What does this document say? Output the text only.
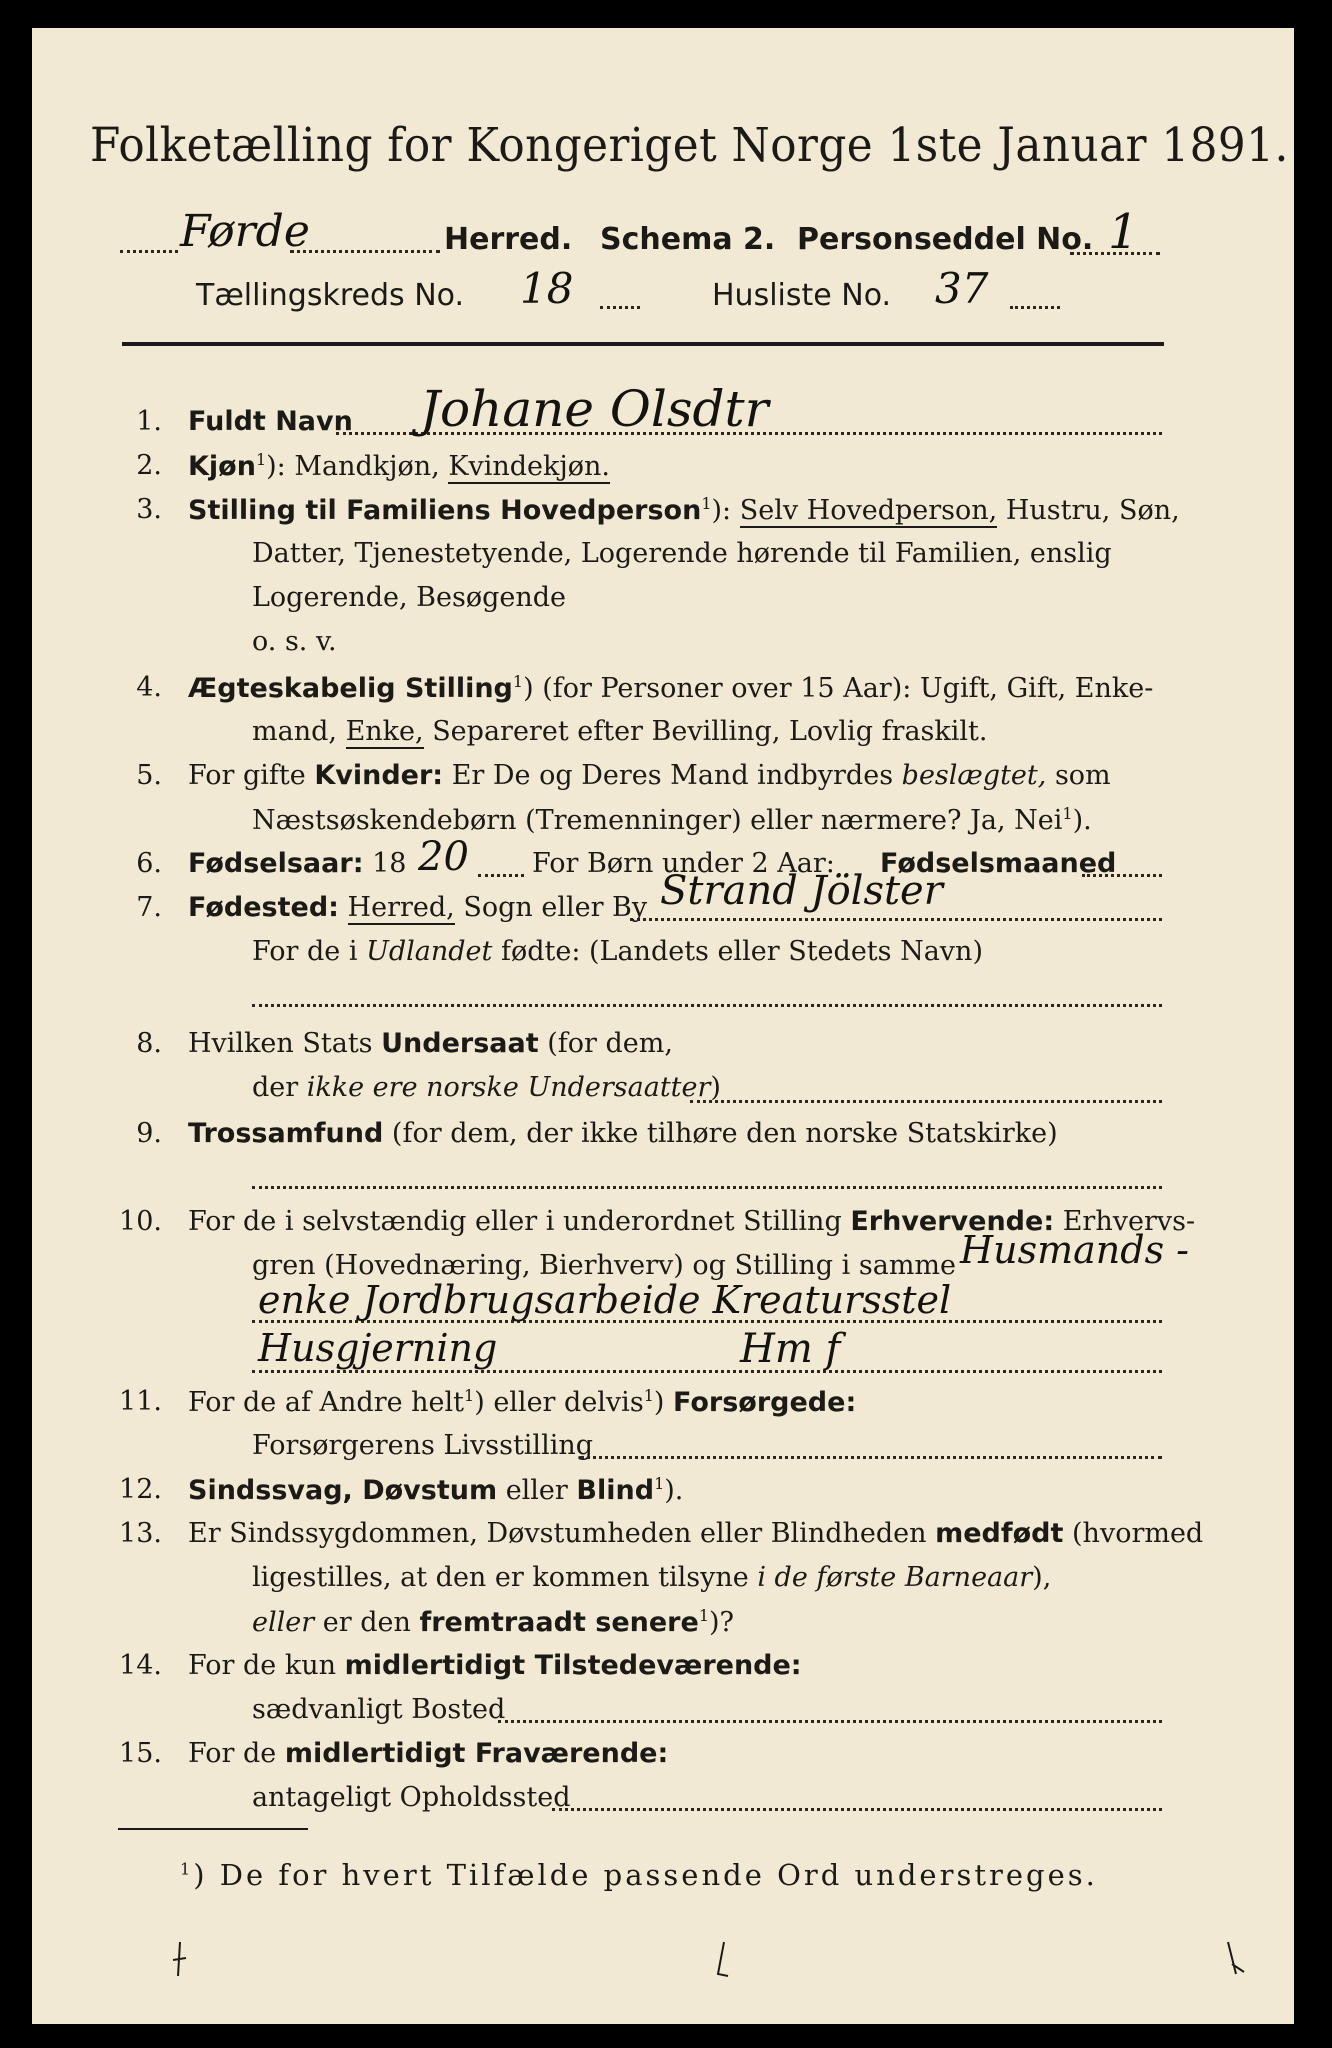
Folketælling for Kongeriget Norge 1ste Januar 1891.
Førde	Herred. Schema 2. Personseddel No. 1
Tællingskreds No. 18	Husliste No. 37
1. Fuldt Navn Johane Olsdtr
2. Kjøn$^1$): Mandkjøn, Kvindekjøn.
3. Stilling til Familiens Hovedperson$^1$): Selv Hovedperson, Hustru, Søn,
Datter, Tjenestetyende, Logerende hørende til Familien, enslig
Logerende, Besøgende
o. s. v.
4. Ægteskabelig Stilling$^1$) (for Personer over 15 Aar): Ugift, Gift, Enke-
mand, Enke, Separeret efter Bevilling, Lovlig fraskilt.
5. For gifte Kvinder: Er De og Deres Mand indbyrdes beslægtet, som
Næstsøskendebørn (Tremenninger) eller nærmere? Ja, Nei$^1$).
6. Fødselsaar: 18 20 For Børn under 2 Aar: Fødselsmaaned
7. Fødested: Herred, Sogn eller By Strand Jölster
For de i Udlandet fødte: (Landets eller Stedets Navn)
8. Hvilken Stats Undersaat (for dem,
der ikke ere norske Undersaatter)
9. Trossamfund (for dem, der ikke tilhøre den norske Statskirke)
10. For de i selvstændig eller i underordnet Stilling Erhvervende: Erhvervs-
gren (Hovednæring, Bierhverv) og Stilling i samme Husmands -
enke Jordbrugsarbeide Kreatursstel
Husgjerning	Hm f
11. For de af Andre helt$^1$) eller delvis$^1$) Forsørgede:
Forsørgerens Livsstilling
12. Sindssvag, Døvstum eller Blind$^1$).
13. Er Sindssygdommen, Døvstumheden eller Blindheden medfødt (hvormed
ligestilles, at den er kommen tilsyne i de første Barneaar),
eller er den fremtraadt senere$^1$)?
14. For de kun midlertidigt Tilstedeværende:
sædvanligt Bosted
15. For de midlertidigt Fraværende:
antageligt Opholdssted
$^1$) De for hvert Tilfælde passende Ord understreges.
